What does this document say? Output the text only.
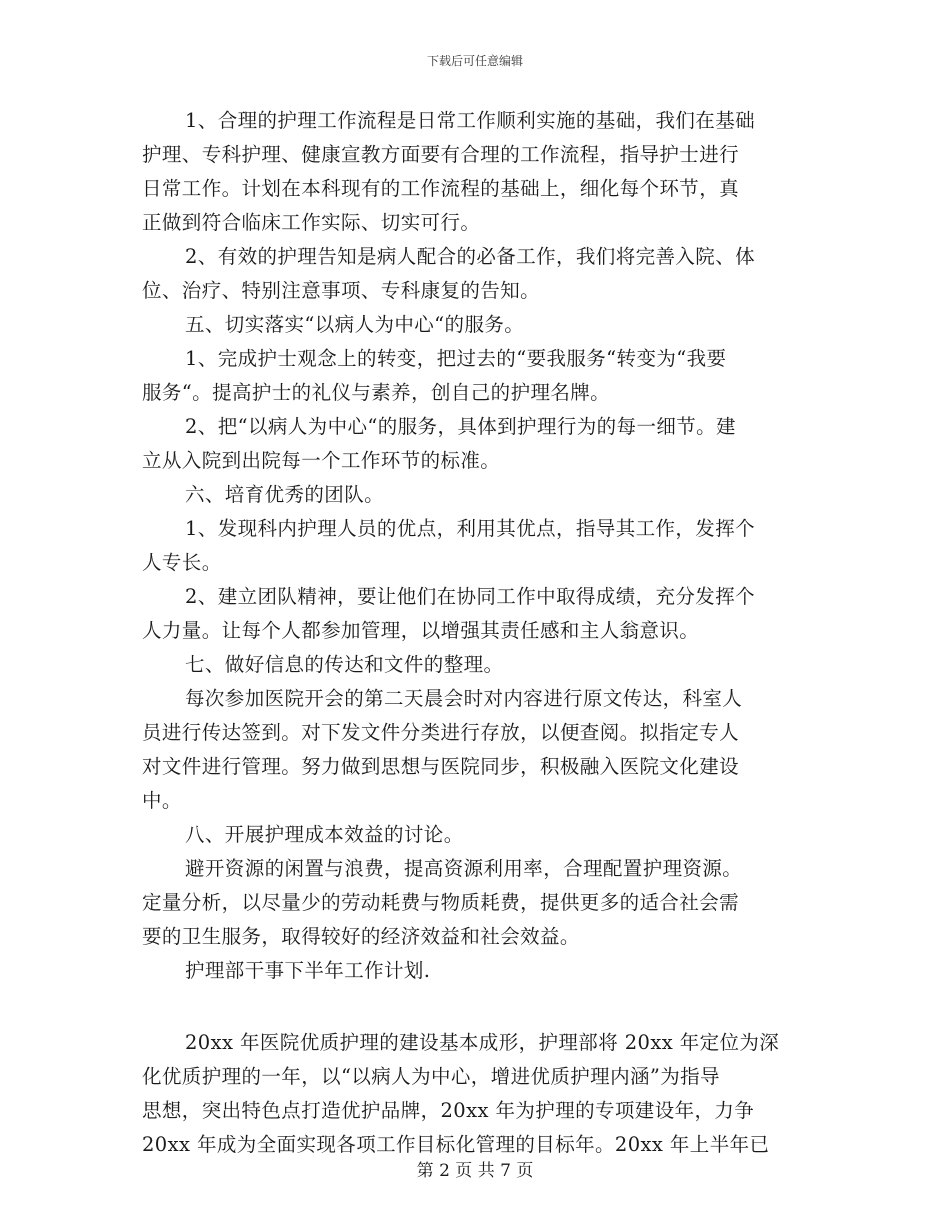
下载后可任意编辑
1、合理的护理工作流程是日常工作顺利实施的基础，我们在基础
护理、专科护理、健康宣教方面要有合理的工作流程，指导护士进行
日常工作。计划在本科现有的工作流程的基础上，细化每个环节，真
正做到符合临床工作实际、切实可行。
2、有效的护理告知是病人配合的必备工作，我们将完善入院、体
位、治疗、特别注意事项、专科康复的告知。
五、切实落实“以病人为中心“的服务。
1、完成护士观念上的转变，把过去的“要我服务“转变为“我要
服务“。提高护士的礼仪与素养，创自己的护理名牌。
2、把“以病人为中心“的服务，具体到护理行为的每一细节。建
立从入院到出院每一个工作环节的标准。
六、培育优秀的团队。
1、发现科内护理人员的优点，利用其优点，指导其工作，发挥个
人专长。
2、建立团队精神，要让他们在协同工作中取得成绩，充分发挥个
人力量。让每个人都参加管理，以增强其责任感和主人翁意识。
七、做好信息的传达和文件的整理。
每次参加医院开会的第二天晨会时对内容进行原文传达，科室人
员进行传达签到。对下发文件分类进行存放，以便查阅。拟指定专人
对文件进行管理。努力做到思想与医院同步，积极融入医院文化建设
中。
八、开展护理成本效益的讨论。
避开资源的闲置与浪费，提高资源利用率，合理配置护理资源。
定量分析，以尽量少的劳动耗费与物质耗费，提供更多的适合社会需
要的卫生服务，取得较好的经济效益和社会效益。
护理部干事下半年工作计划.
20xx 年医院优质护理的建设基本成形，护理部将 20xx 年定位为深
化优质护理的一年，以“以病人为中心，增进优质护理内涵”为指导
思想，突出特色点打造优护品牌，20xx 年为护理的专项建设年，力争
20xx 年成为全面实现各项工作目标化管理的目标年。20xx 年上半年已
第 2 页 共 7 页
